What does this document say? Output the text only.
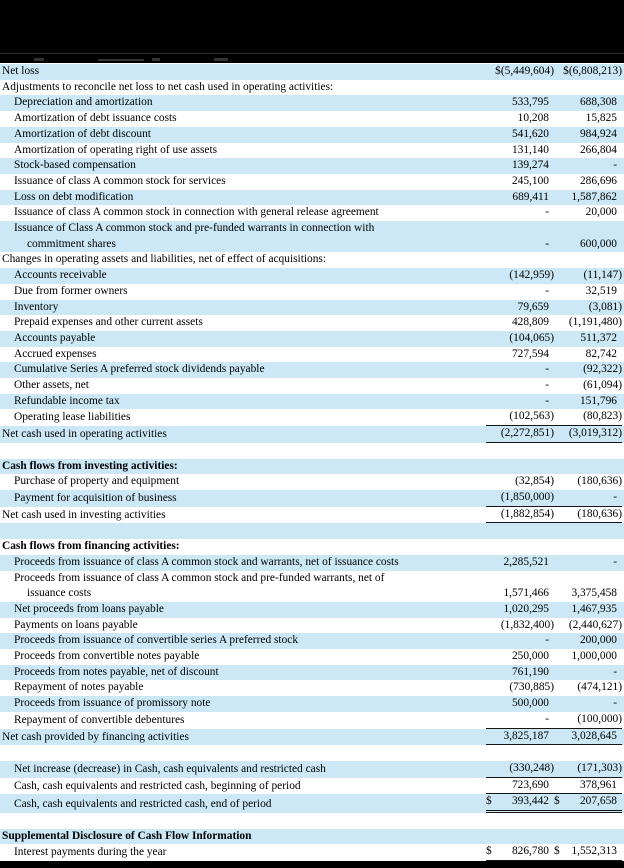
Net loss	$(5,449,604) $(6,808,213)
Adjustments to reconcile net loss to net cash used in operating activities:
Depreciation and amortization	533,795	688,308
Amortization of debt issuance costs	10,208	15,825
Amortization of debt discount	541,620	984,924
Amortization of operating right of use assets	131,140	266,804
Stock-based compensation	139,274	-
Issuance of class A common stock for services	245,100	286,696
Loss on debt modification	689,411	1,587,862
Issuance of class A common stock in connection with general release agreement	-	20,000
Issuance of Class A common stock and pre-funded warrants in connection with
commitment shares	-	600,000
Changes in operating assets and liabilities, net of effect of acquisitions:
Accounts receivable	(142,959)	(11,147)
Due from former owners	-	32,519
Inventory	79,659	(3,081)
Prepaid expenses and other current assets	428,809	(1,191,480)
Accounts payable	(104,065)	511,372
Accrued expenses	727,594	82,742
Cumulative Series A preferred stock dividends payable	-	(92,322)
Other assets, net	-	(61,094)
Refundable income tax	-	151,796
Operating lease liabilities	(102,563)	(80,823)
Net cash used in operating activities	(2,272,851)	(3,019,312)

Cash flows from investing activities:
Purchase of property and equipment	(32,854)	(180,636)
Payment for acquisition of business	(1,850,000)	-
Net cash used in investing activities	(1,882,854)	(180,636)

Cash flows from financing activities:
Proceeds from issuance of class A common stock and warrants, net of issuance costs	2,285,521	-
Proceeds from issuance of class A common stock and pre-funded warrants, net of
issuance costs	1,571,466	3,375,458
Net proceeds from loans payable	1,020,295	1,467,935
Payments on loans payable	(1,832,400)	(2,440,627)
Proceeds from issuance of convertible series A preferred stock	-	200,000
Proceeds from convertible notes payable	250,000	1,000,000
Proceeds from notes payable, net of discount	761,190	-
Repayment of notes payable	(730,885)	(474,121)
Proceeds from issuance of promissory note	500,000	-
Repayment of convertible debentures	-	(100,000)
Net cash provided by financing activities	3,825,187	3,028,645

Net increase (decrease) in Cash, cash equivalents and restricted cash	(330,248)	(171,303)
Cash, cash equivalents and restricted cash, beginning of period	723,690	378,961
Cash, cash equivalents and restricted cash, end of period	$ 393,442 $ 207,658

Supplemental Disclosure of Cash Flow Information
Interest payments during the year	$ 826,780 $ 1,552,313
